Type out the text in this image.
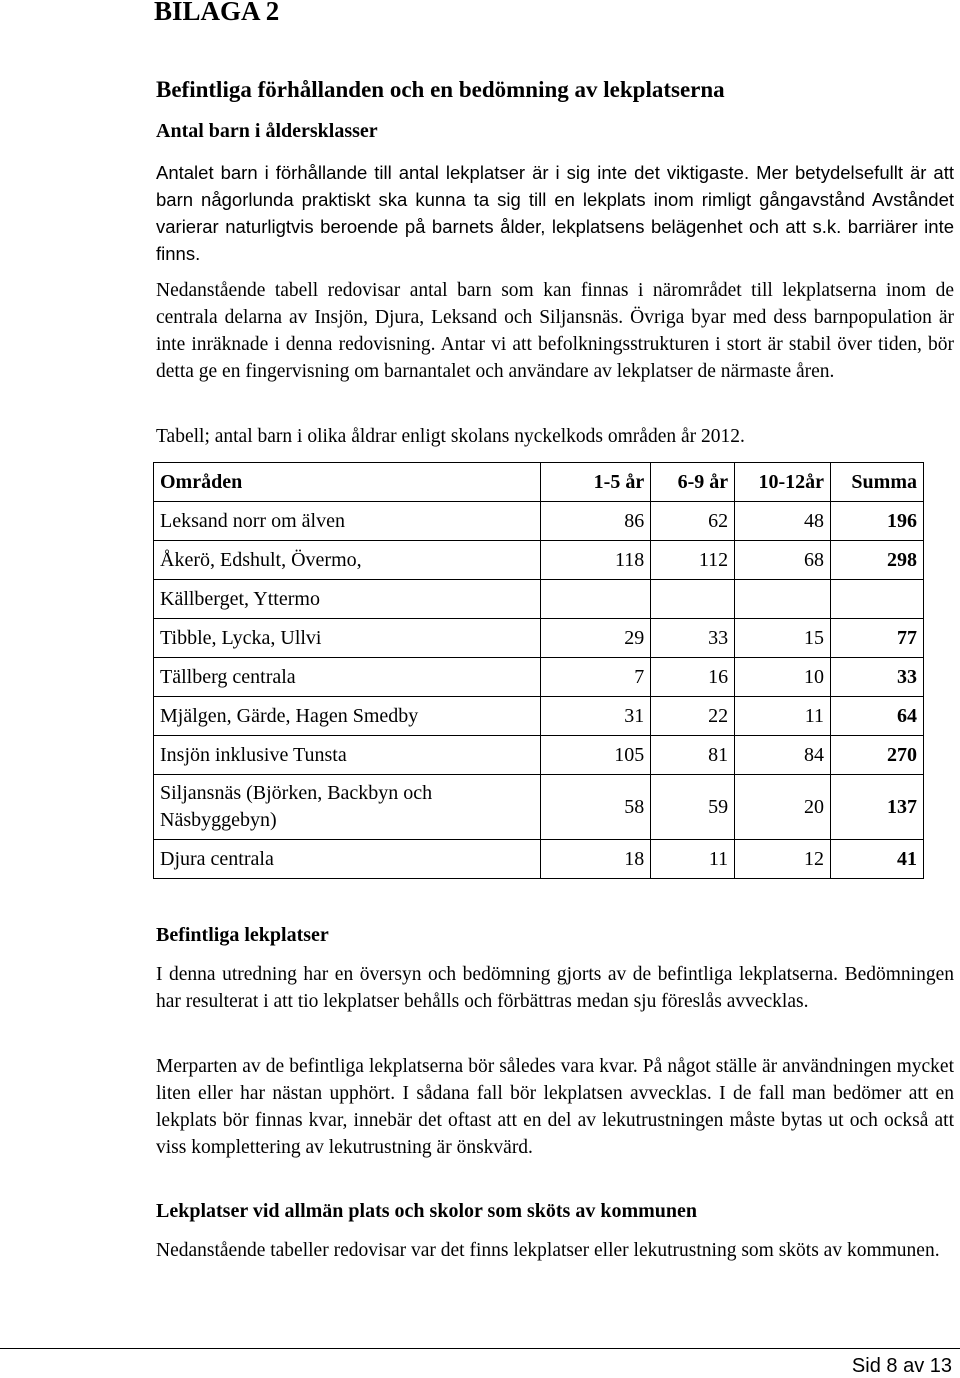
BILAGA 2
Befintliga förhållanden och en bedömning av lekplatserna
Antal barn i åldersklasser

Antalet barn i förhållande till antal lekplatser är i sig inte det viktigaste. Mer betydelsefullt är att barn någorlunda praktiskt ska kunna ta sig till en lekplats inom rimligt gångavstånd Avståndet varierar naturligtvis beroende på barnets ålder, lekplatsens belägenhet och att s.k. barriärer inte finns.

Nedanstående tabell redovisar antal barn som kan finnas i närområdet till lekplatserna inom de centrala delarna av Insjön, Djura, Leksand och Siljansnäs. Övriga byar med dess barnpopulation är inte inräknade i denna redovisning. Antar vi att befolkningsstrukturen i stort är stabil över tiden, bör detta ge en fingervisning om barnantalet och användare av lekplatser de närmaste åren.

Tabell; antal barn i olika åldrar enligt skolans nyckelkods områden år 2012.

Områden	1-5 år	6-9 år	10-12år	Summa
Leksand norr om älven	86	62	48	196
Åkerö, Edshult, Övermo,	118	112	68	298
Källberget, Yttermo				
Tibble, Lycka, Ullvi	29	33	15	77
Tällberg centrala	7	16	10	33
Mjälgen, Gärde, Hagen Smedby	31	22	11	64
Insjön inklusive Tunsta	105	81	84	270
Siljansnäs (Björken, Backbyn och Näsbyggebyn)	58	59	20	137
Djura centrala	18	11	12	41
Befintliga lekplatser

I denna utredning har en översyn och bedömning gjorts av de befintliga lekplatserna. Bedömningen har resulterat i att tio lekplatser behålls och förbättras medan sju föreslås avvecklas.

Merparten av de befintliga lekplatserna bör således vara kvar. På något ställe är användningen mycket liten eller har nästan upphört. I sådana fall bör lekplatsen avvecklas. I de fall man bedömer att en lekplats bör finnas kvar, innebär det oftast att en del av lekutrustningen måste bytas ut och också att viss komplettering av lekutrustning är önskvärd.

Lekplatser vid allmän plats och skolor som sköts av kommunen

Nedanstående tabeller redovisar var det finns lekplatser eller lekutrustning som sköts av kommunen.

Sid 8 av 13
